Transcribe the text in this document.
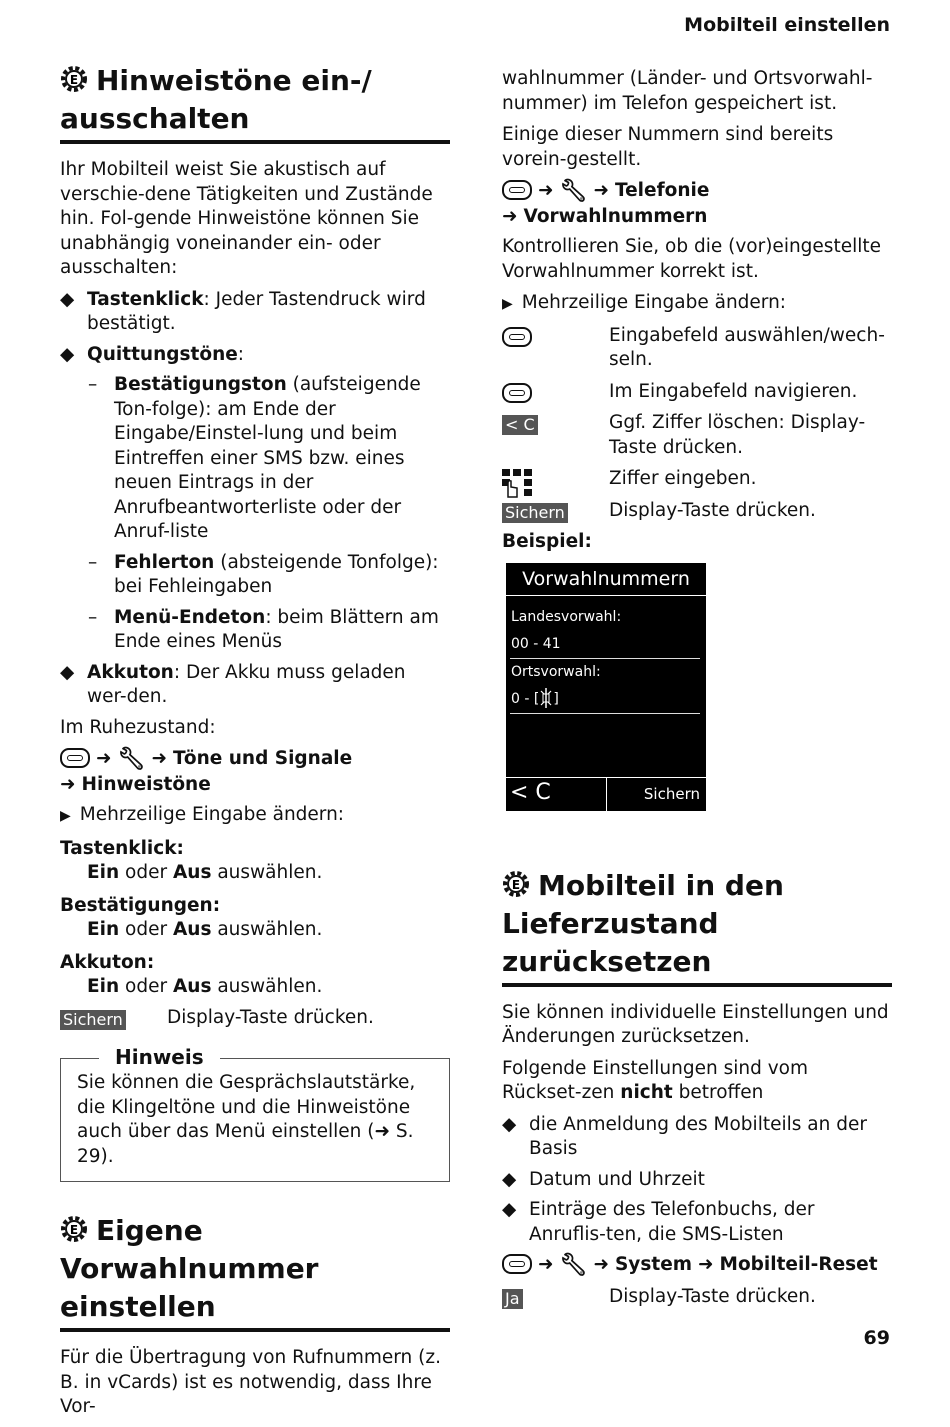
Mobilteil einstellen
E Hinweistöne ein-/
ausschalten

Ihr Mobilteil weist Sie akustisch auf verschie-dene Tätigkeiten und Zustände hin. Fol-gende Hinweistöne können Sie unabhängig voneinander ein- oder ausschalten:

◆ Tastenklick: Jeder Tastendruck wird bestätigt.
◆ Quittungstöne:
– Bestätigungston (aufsteigende Ton-folge): am Ende der Eingabe/Einstel-lung und beim Eintreffen einer SMS bzw. eines neuen Eintrags in der Anrufbeantworterliste oder der Anruf-liste
– Fehlerton (absteigende Tonfolge): bei Fehleingaben
– Menü-Endeton: beim Blättern am Ende eines Menüs
◆ Akkuton: Der Akku muss geladen wer-den.

Im Ruhezustand:

➜ 🔧︎ ➜ Töne und Signale
➜ Hinweistöne
▶ Mehrzeilige Eingabe ändern:
Tastenklick:
Ein oder Aus auswählen.
Bestätigungen:
Ein oder Aus auswählen.
Akkuton:
Ein oder Aus auswählen.
Sichern	Display-Taste drücken.
Hinweis
Sie können die Gesprächslautstärke, die Klingeltöne und die Hinweistöne auch über das Menü einstellen (➜ S. 29).
E Eigene Vorwahlnummer
einstellen

Für die Übertragung von Rufnummern (z. B. in vCards) ist es notwendig, dass Ihre Vor-

wahlnummer (Länder- und Ortsvorwahl-nummer) im Telefon gespeichert ist.

Einige dieser Nummern sind bereits vorein-gestellt.

➜ 🔧︎ ➜ Telefonie
➜ Vorwahlnummern

Kontrollieren Sie, ob die (vor)eingestellte Vorwahlnummer korrekt ist.

▶ Mehrzeilige Eingabe ändern:
Eingabefeld auswählen/wech-seln.
Im Eingabefeld navigieren.
< C	Ggf. Ziffer löschen: Display-Taste drücken.
Ziffer eingeben.
Sichern	Display-Taste drücken.
Beispiel:
Vorwahlnummern
Landesvorwahl:
00 - 41
Ortsvorwahl:
0 - [ ]
< C	Sichern
E Mobilteil in den
Lieferzustand zurücksetzen

Sie können individuelle Einstellungen und Änderungen zurücksetzen.

Folgende Einstellungen sind vom Rückset-zen nicht betroffen

◆ die Anmeldung des Mobilteils an der Basis
◆ Datum und Uhrzeit
◆ Einträge des Telefonbuchs, der Anruflis-ten, die SMS-Listen
➜ 🔧︎ ➜ System ➜ Mobilteil-Reset
Ja	Display-Taste drücken.
69
